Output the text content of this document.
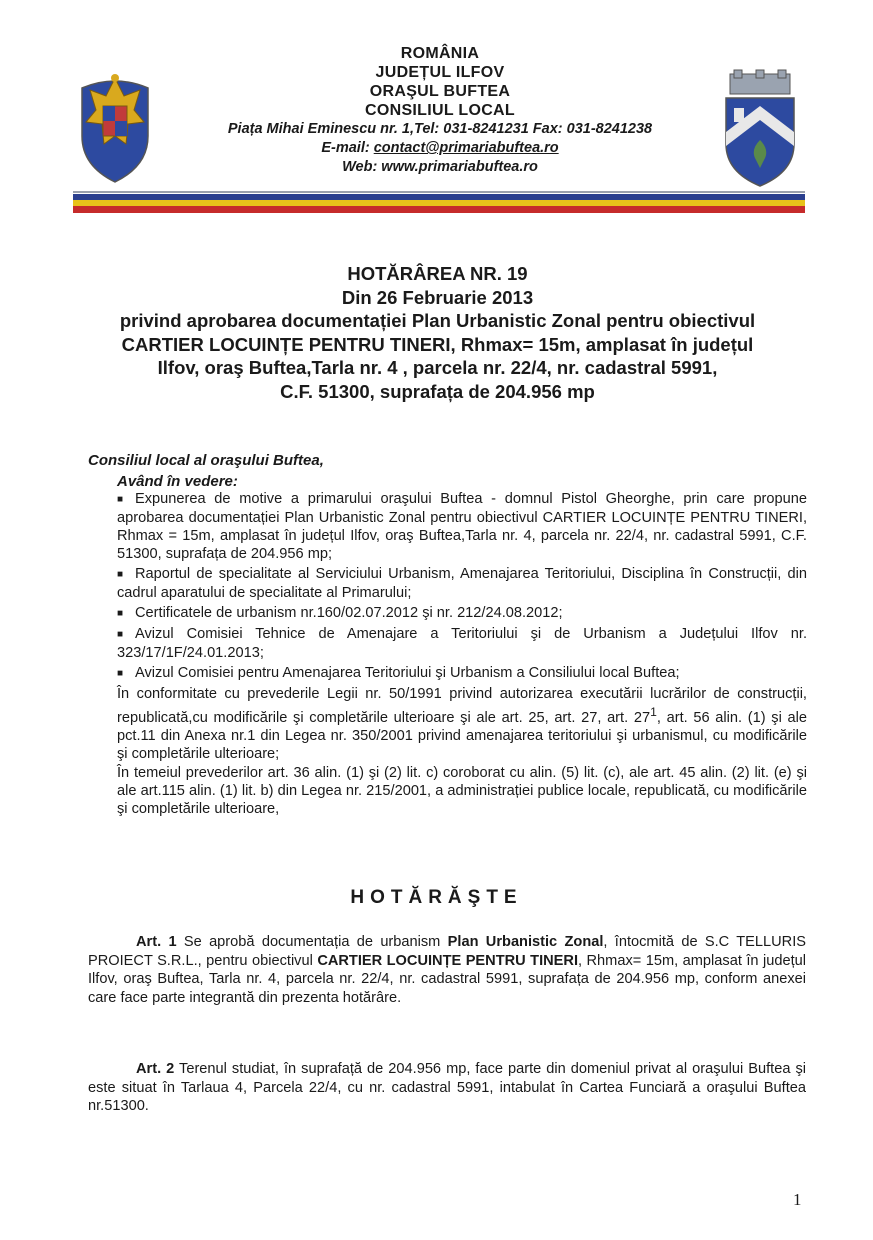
ROMÂNIA
JUDEȚUL ILFOV
ORAŞUL BUFTEA
CONSILIUL LOCAL
Piața Mihai Eminescu nr. 1,Tel: 031-8241231 Fax: 031-8241238
E-mail: contact@primariabuftea.ro
Web: www.primariabuftea.ro
HOTĂRÂREA NR. 19
Din 26 Februarie 2013
privind aprobarea documentației Plan Urbanistic Zonal pentru obiectivul
CARTIER LOCUINȚE PENTRU TINERI, Rhmax= 15m, amplasat în județul
Ilfov, oraş Buftea,Tarla nr. 4 , parcela nr. 22/4, nr. cadastral 5991,
C.F. 51300, suprafața de 204.956 mp
Consiliul local al oraşului Buftea,
Având în vedere:
■ Expunerea de motive a primarului oraşului Buftea - domnul Pistol Gheorghe, prin care propune aprobarea documentației Plan Urbanistic Zonal pentru obiectivul CARTIER LOCUINȚE PENTRU TINERI, Rhmax = 15m, amplasat în județul Ilfov, oraş Buftea,Tarla nr. 4, parcela nr. 22/4, nr. cadastral 5991, C.F. 51300, suprafața de 204.956 mp;
■ Raportul de specialitate al Serviciului Urbanism, Amenajarea Teritoriului, Disciplina în Construcții, din cadrul aparatului de specialitate al Primarului;
■ Certificatele de urbanism nr.160/02.07.2012 şi nr. 212/24.08.2012;
■ Avizul Comisiei Tehnice de Amenajare a Teritoriului şi de Urbanism a Județului Ilfov nr. 323/17/1F/24.01.2013;
■ Avizul Comisiei pentru Amenajarea Teritoriului şi Urbanism a Consiliului local Buftea;
În conformitate cu prevederile Legii nr. 50/1991 privind autorizarea executării lucrărilor de construcții, republicată,cu modificările şi completările ulterioare şi ale art. 25, art. 27, art. $27^1$, art. 56 alin. (1) şi ale pct.11 din Anexa nr.1 din Legea nr. 350/2001 privind amenajarea teritoriului şi urbanismul, cu modificările şi completările ulterioare;
În temeiul prevederilor art. 36 alin. (1) şi (2) lit. c) coroborat cu alin. (5) lit. (c), ale art. 45 alin. (2) lit. (e) şi ale art.115 alin. (1) lit. b) din Legea nr. 215/2001, a administrației publice locale, republicată, cu modificările şi completările ulterioare,
HOTĂRĂŞTE
Art. 1 Se aprobă documentația de urbanism Plan Urbanistic Zonal, întocmită de S.C TELLURIS PROIECT S.R.L., pentru obiectivul CARTIER LOCUINȚE PENTRU TINERI, Rhmax= 15m, amplasat în județul Ilfov, oraş Buftea, Tarla nr. 4, parcela nr. 22/4, nr. cadastral 5991, suprafața de 204.956 mp, conform anexei care face parte integrantă din prezenta hotărâre.
Art. 2 Terenul studiat, în suprafață de 204.956 mp, face parte din domeniul privat al oraşului Buftea şi este situat în Tarlaua 4, Parcela 22/4, cu nr. cadastral 5991, intabulat în Cartea Funciară a oraşului Buftea nr.51300.
1
